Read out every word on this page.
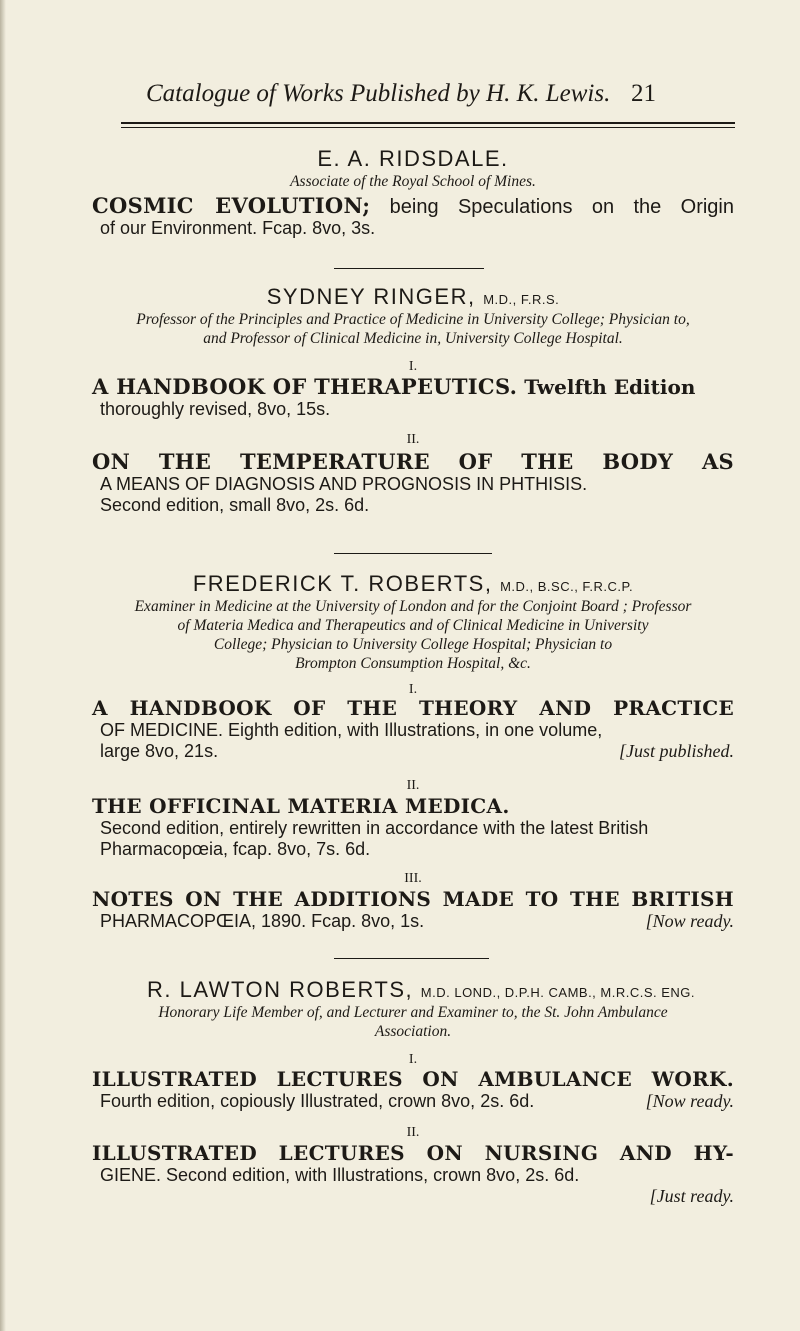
Catalogue of Works Published by H. K. Lewis. 21
E. A. RIDSDALE.
Associate of the Royal School of Mines.
COSMIC EVOLUTION; being Speculations on the Origin
of our Environment. Fcap. 8vo, 3s.
SYDNEY RINGER, M.D., F.R.S.
Professor of the Principles and Practice of Medicine in University College; Physician to,
and Professor of Clinical Medicine in, University College Hospital.
I.
A HANDBOOK OF THERAPEUTICS. Twelfth Edition
thoroughly revised, 8vo, 15s.
II.
ON THE TEMPERATURE OF THE BODY AS
A MEANS OF DIAGNOSIS AND PROGNOSIS IN PHTHISIS.
Second edition, small 8vo, 2s. 6d.
FREDERICK T. ROBERTS, M.D., B.SC., F.R.C.P.
Examiner in Medicine at the University of London and for the Conjoint Board ; Professor
of Materia Medica and Therapeutics and of Clinical Medicine in University
College; Physician to University College Hospital; Physician to
Brompton Consumption Hospital, &c.
I.
A HANDBOOK OF THE THEORY AND PRACTICE
OF MEDICINE. Eighth edition, with Illustrations, in one volume,
large 8vo, 21s.	[Just published.
II.
THE OFFICINAL MATERIA MEDICA.
Second edition, entirely rewritten in accordance with the latest British
Pharmacopœia, fcap. 8vo, 7s. 6d.
III.
NOTES ON THE ADDITIONS MADE TO THE BRITISH
PHARMACOPŒIA, 1890. Fcap. 8vo, 1s.	[Now ready.
R. LAWTON ROBERTS, M.D. LOND., D.P.H. CAMB., M.R.C.S. ENG.
Honorary Life Member of, and Lecturer and Examiner to, the St. John Ambulance
Association.
I.
ILLUSTRATED LECTURES ON AMBULANCE WORK.
Fourth edition, copiously Illustrated, crown 8vo, 2s. 6d.	[Now ready.
II.
ILLUSTRATED LECTURES ON NURSING AND HY-
GIENE. Second edition, with Illustrations, crown 8vo, 2s. 6d.
[Just ready.
